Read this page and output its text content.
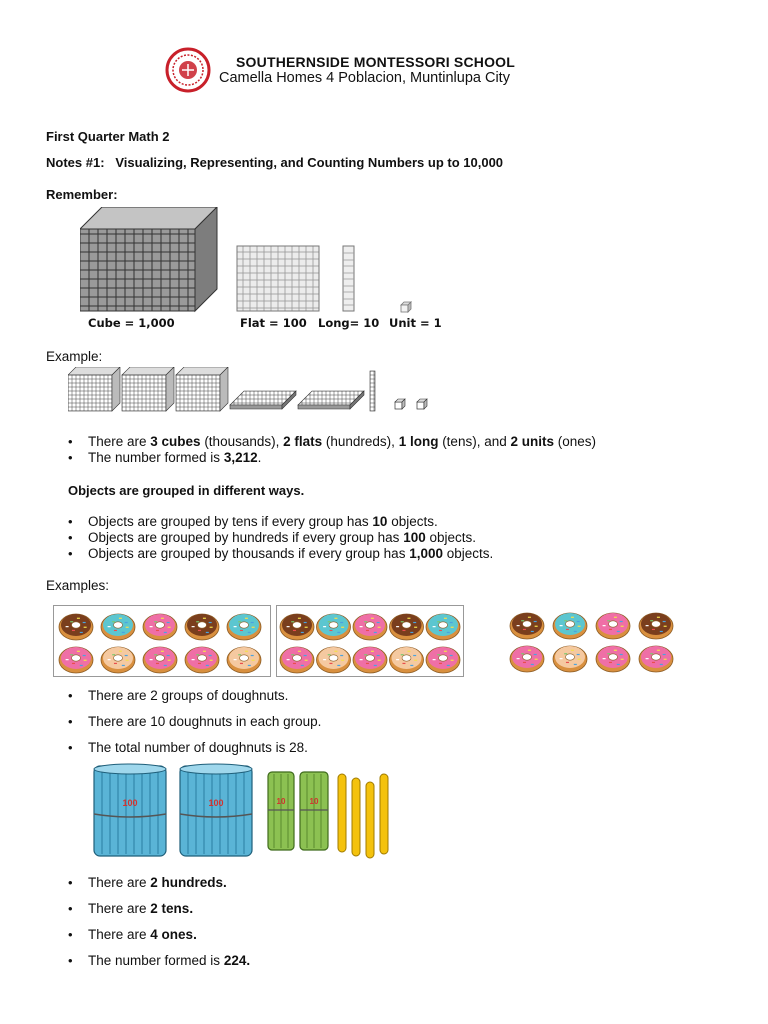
SOUTHERNSIDE MONTESSORI SCHOOL
Camella Homes 4 Poblacion, Muntinlupa City
First Quarter Math 2
Notes #1: Visualizing, Representing, and Counting Numbers up to 10,000
Remember:
Cube = 1,000	Flat = 100 Long= 10 Unit = 1
Example:
• There are 3 cubes (thousands), 2 flats (hundreds), 1 long (tens), and 2 units (ones)
• The number formed is 3,212.
Objects are grouped in different ways.
• Objects are grouped by tens if every group has 10 objects.
• Objects are grouped by hundreds if every group has 100 objects.
• Objects are grouped by thousands if every group has 1,000 objects.
Examples:
• There are 2 groups of doughnuts.
• There are 10 doughnuts in each group.
• The total number of doughnuts is 28.
100	100	10	10
• There are 2 hundreds.
• There are 2 tens.
• There are 4 ones.
• The number formed is 224.
